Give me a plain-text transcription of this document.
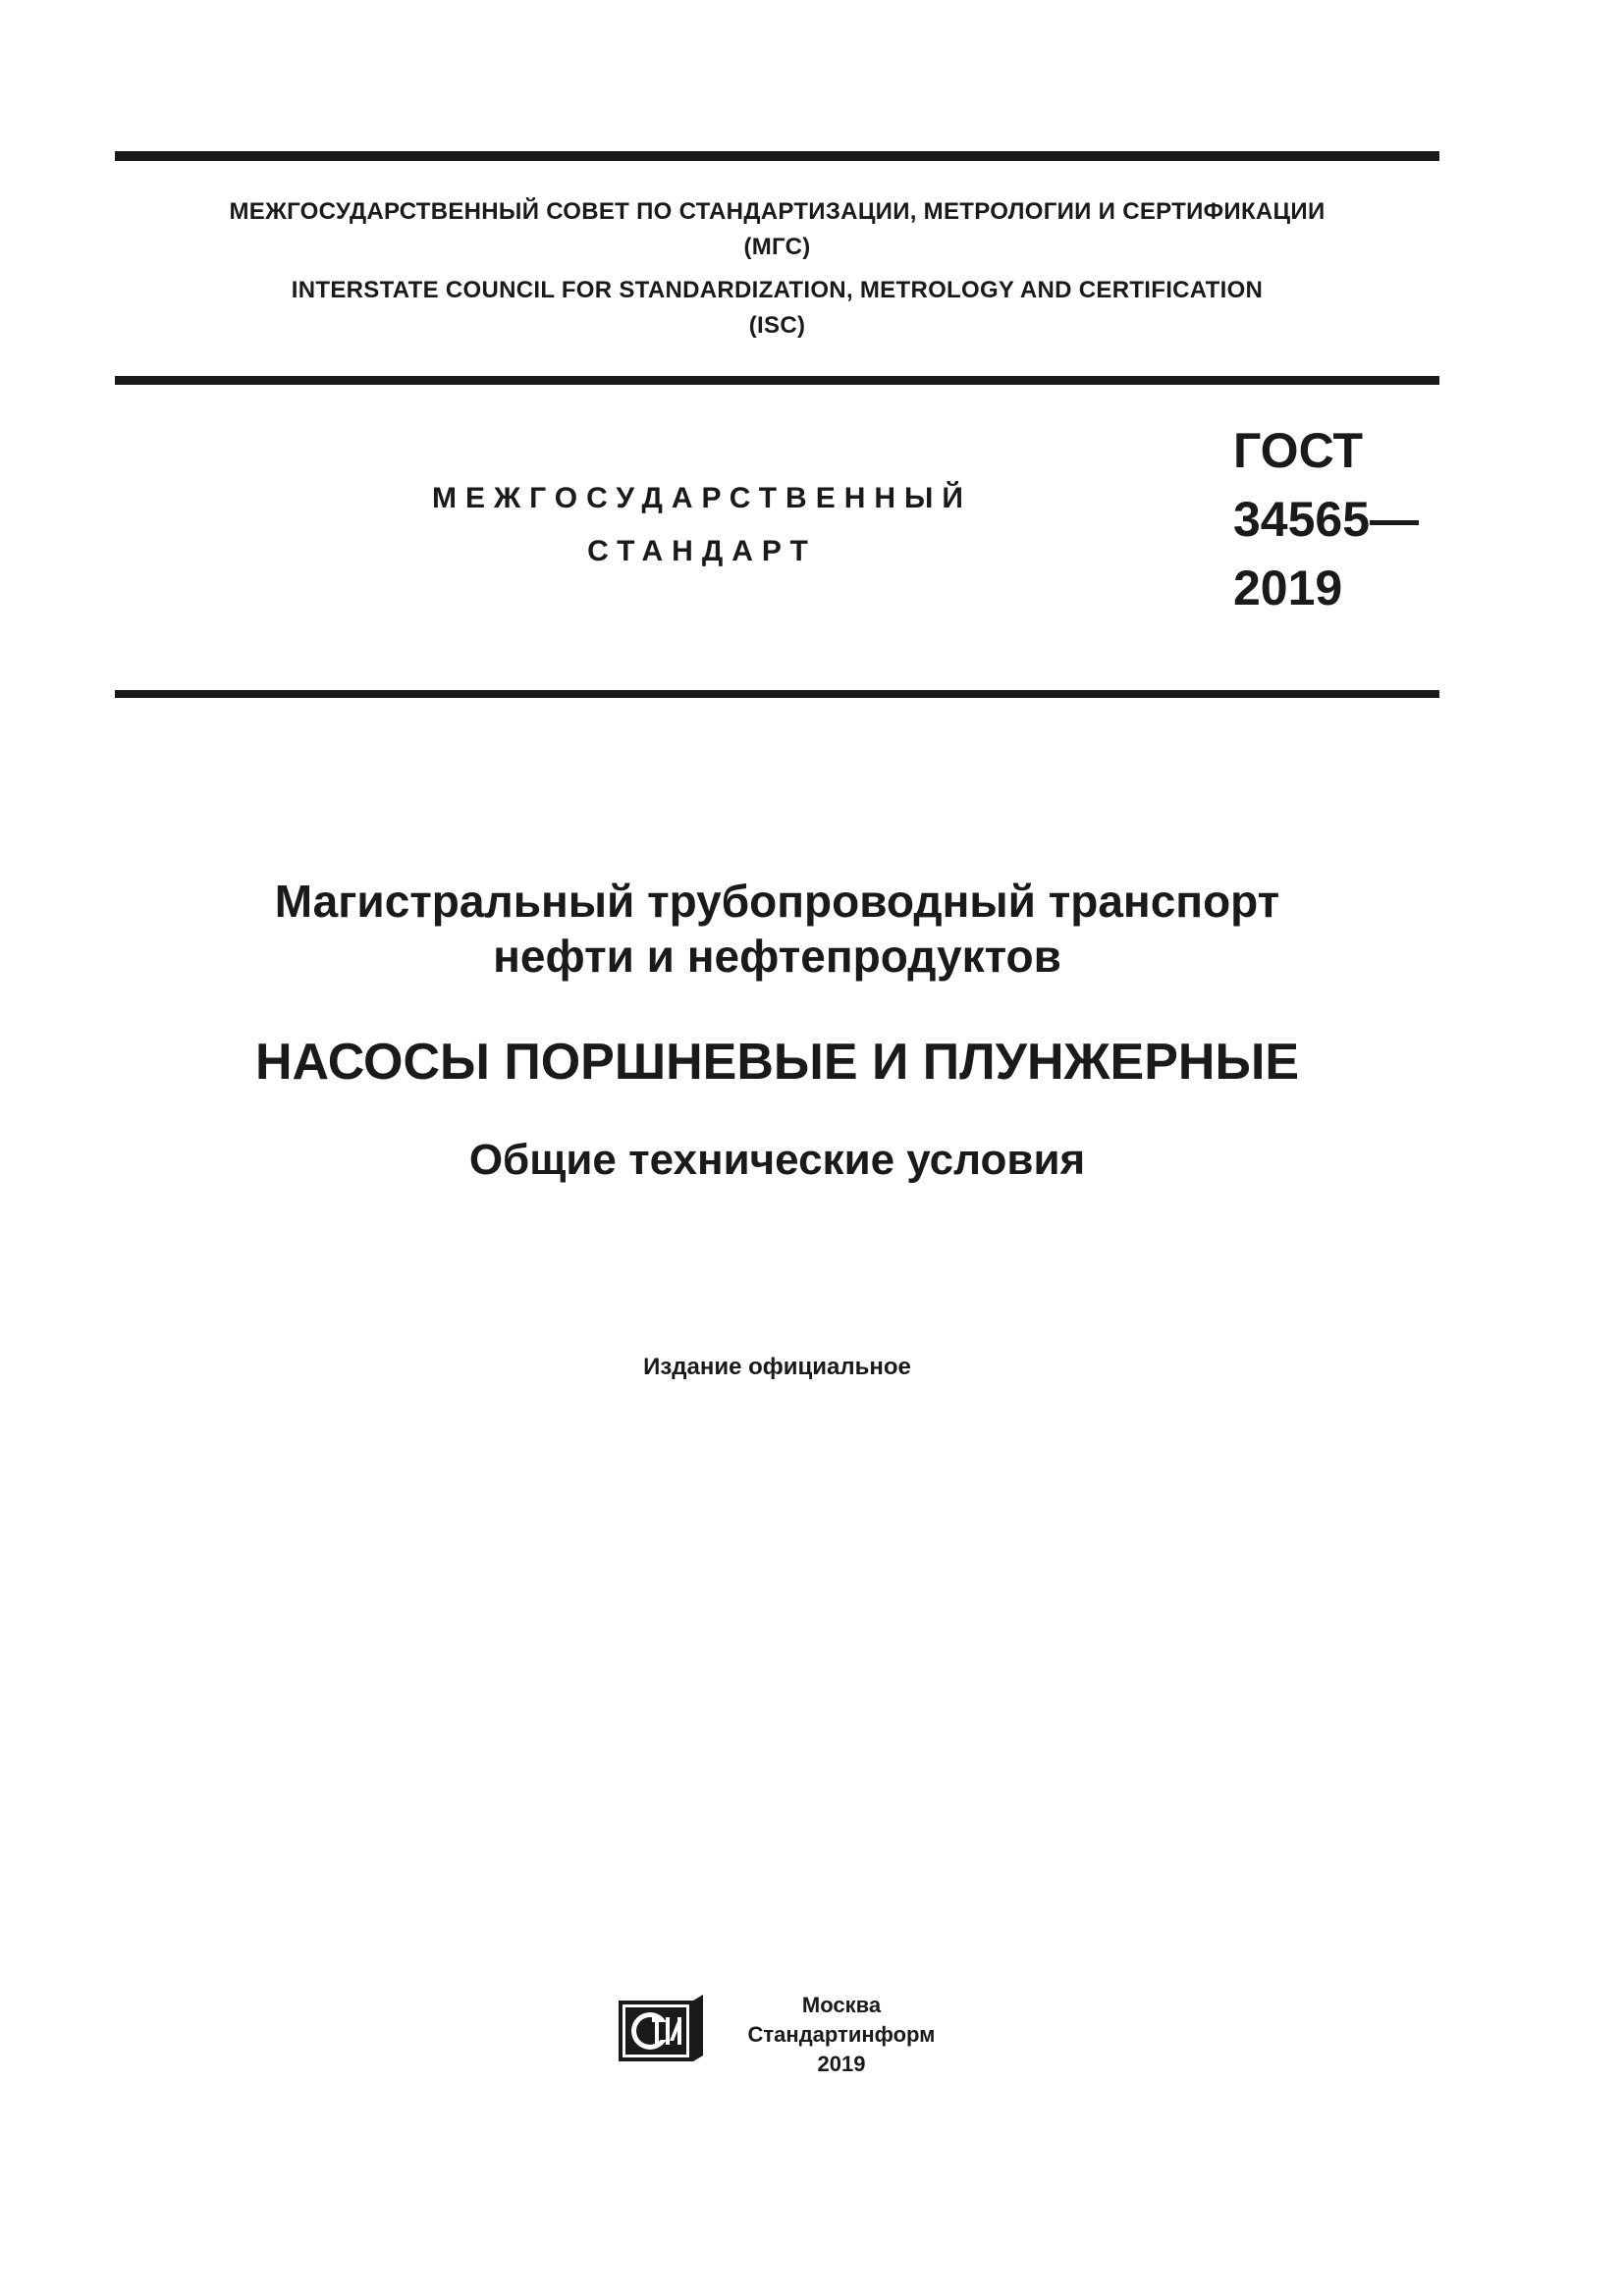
МЕЖГОСУДАРСТВЕННЫЙ СОВЕТ ПО СТАНДАРТИЗАЦИИ, МЕТРОЛОГИИ И СЕРТИФИКАЦИИ
(МГС)
INTERSTATE COUNCIL FOR STANDARDIZATION, METROLOGY AND CERTIFICATION
(ISC)
МЕЖГОСУДАРСТВЕННЫЙ
СТАНДАРТ
ГОСТ
34565—
2019
Магистральный трубопроводный транспорт
нефти и нефтепродуктов
НАСОСЫ ПОРШНЕВЫЕ И ПЛУНЖЕРНЫЕ
Общие технические условия
Издание официальное
Москва
Стандартинформ
2019
